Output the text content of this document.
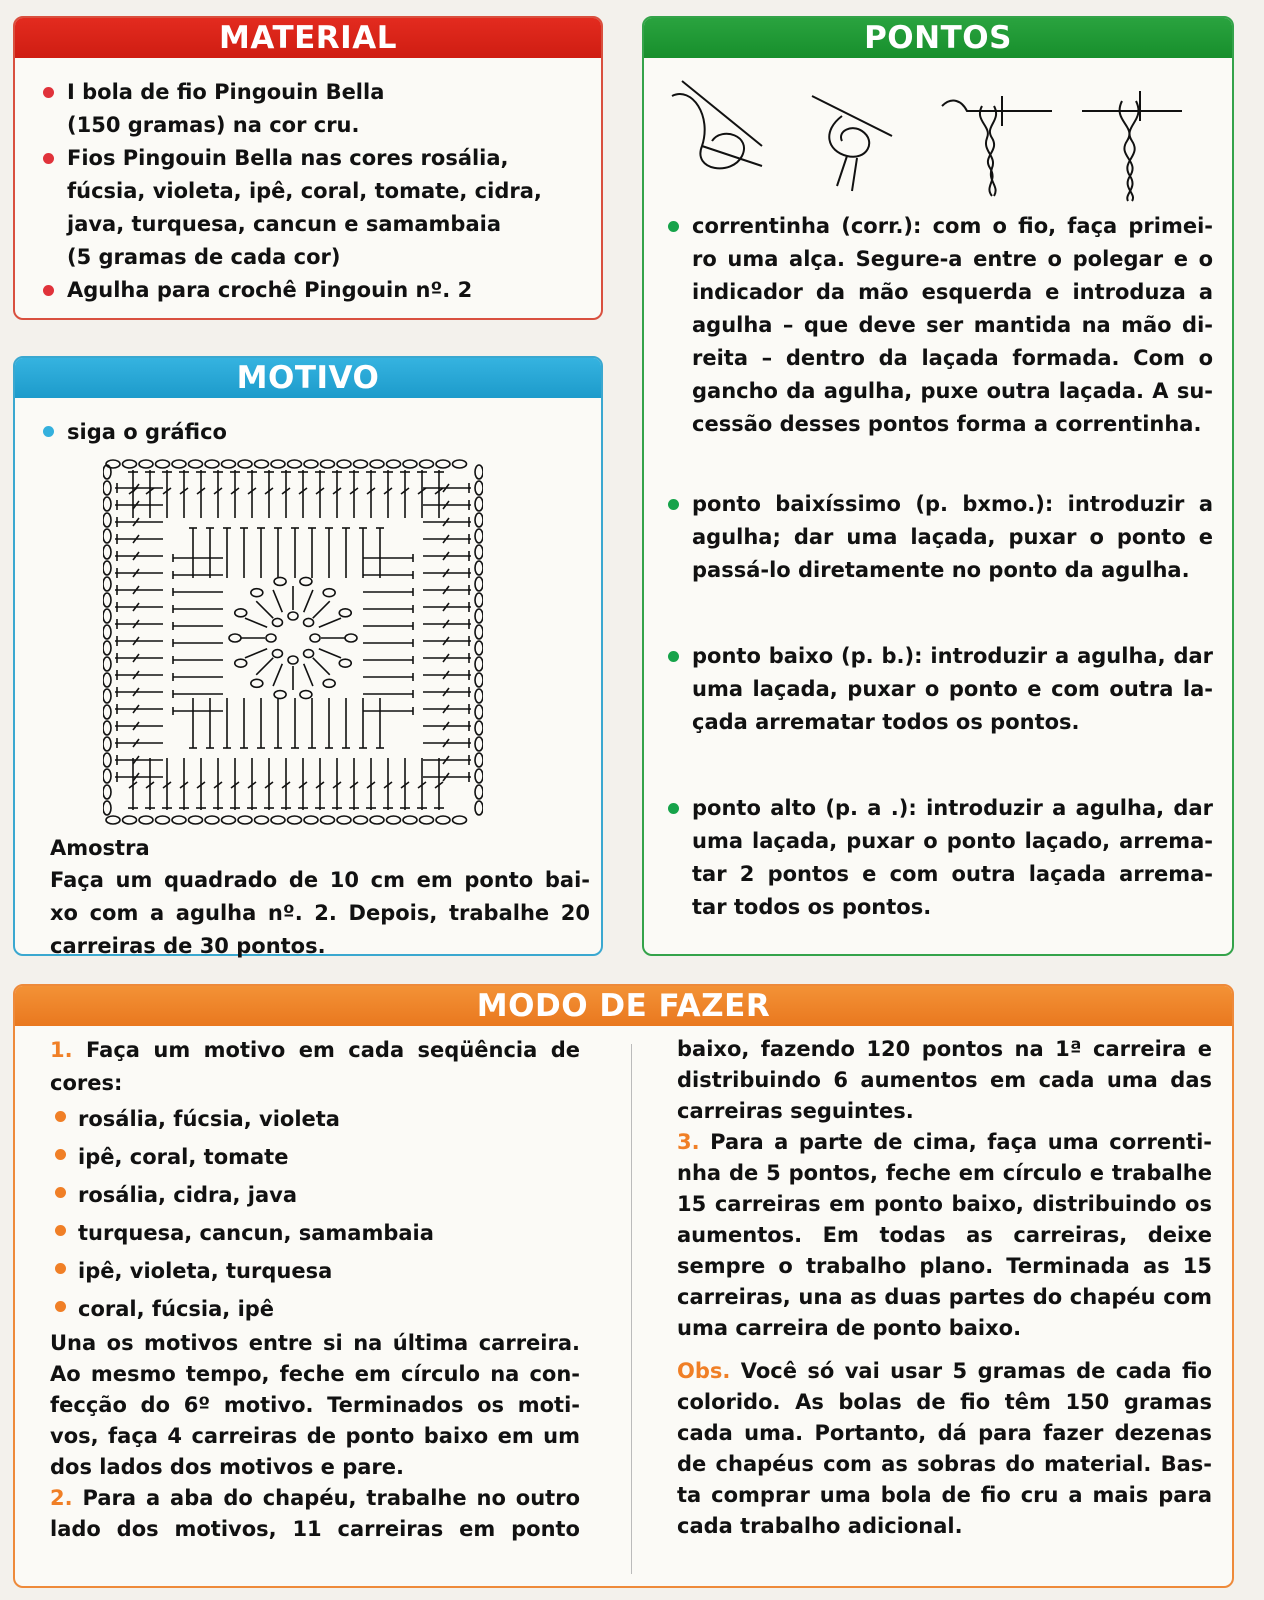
MATERIAL
I bola de fio Pingouin Bella
(150 gramas) na cor cru.
Fios Pingouin Bella nas cores rosália,
fúcsia, violeta, ipê, coral, tomate, cidra,
java, turquesa, cancun e samambaia
(5 gramas de cada cor)
Agulha para crochê Pingouin nº. 2
MOTIVO
siga o gráfico
Amostra
Faça um quadrado de 10 cm em ponto bai-
xo com a agulha nº. 2. Depois, trabalhe 20
carreiras de 30 pontos.
PONTOS
correntinha (corr.): com o fio, faça primei-
ro uma alça. Segure-a entre o polegar e o
indicador da mão esquerda e introduza a
agulha – que deve ser mantida na mão di-
reita – dentro da laçada formada. Com o
gancho da agulha, puxe outra laçada. A su-
cessão desses pontos forma a correntinha.
ponto baixíssimo (p. bxmo.): introduzir a
agulha; dar uma laçada, puxar o ponto e
passá-lo diretamente no ponto da agulha.
ponto baixo (p. b.): introduzir a agulha, dar
uma laçada, puxar o ponto e com outra la-
çada arrematar todos os pontos.
ponto alto (p. a .): introduzir a agulha, dar
uma laçada, puxar o ponto laçado, arrema-
tar 2 pontos e com outra laçada arrema-
tar todos os pontos.
MODO DE FAZER
1. Faça um motivo em cada seqüência de
cores:
rosália, fúcsia, violeta
ipê, coral, tomate
rosália, cidra, java
turquesa, cancun, samambaia
ipê, violeta, turquesa
coral, fúcsia, ipê
Una os motivos entre si na última carreira.
Ao mesmo tempo, feche em círculo na con-
fecção do 6º motivo. Terminados os moti-
vos, faça 4 carreiras de ponto baixo em um
dos lados dos motivos e pare.
2. Para a aba do chapéu, trabalhe no outro
lado dos motivos, 11 carreiras em ponto
baixo, fazendo 120 pontos na 1ª carreira e
distribuindo 6 aumentos em cada uma das
carreiras seguintes.
3. Para a parte de cima, faça uma correnti-
nha de 5 pontos, feche em círculo e trabalhe
15 carreiras em ponto baixo, distribuindo os
aumentos. Em todas as carreiras, deixe
sempre o trabalho plano. Terminada as 15
carreiras, una as duas partes do chapéu com
uma carreira de ponto baixo.
Obs. Você só vai usar 5 gramas de cada fio
colorido. As bolas de fio têm 150 gramas
cada uma. Portanto, dá para fazer dezenas
de chapéus com as sobras do material. Bas-
ta comprar uma bola de fio cru a mais para
cada trabalho adicional.
